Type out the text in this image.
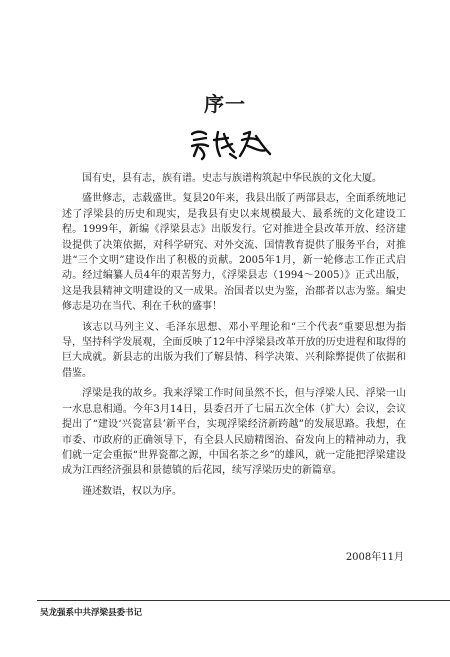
序一

国有史，县有志，族有谱。史志与族谱构筑起中华民族的文化大厦。

盛世修志，志载盛世。复县20年来，我县出版了两部县志，全面系统地记述了浮梁县的历史和现实，是我县有史以来规模最大、最系统的文化建设工程。1999年，新编《浮梁县志》出版发行。它对推进全县改革开放、经济建设提供了决策依据，对科学研究、对外交流、国情教育提供了服务平台，对推进“三个文明”建设作出了积极的贡献。2005年1月，新一轮修志工作正式启动。经过编纂人员4年的艰苦努力，《浮梁县志（1994～2005）》正式出版，这是我县精神文明建设的又一成果。治国者以史为鉴，治郡者以志为鉴。编史修志是功在当代、利在千秋的盛事！

该志以马列主义、毛泽东思想、邓小平理论和“三个代表”重要思想为指导，坚持科学发展观，全面反映了12年中浮梁县改革开放的历史进程和取得的巨大成就。新县志的出版为我们了解县情、科学决策、兴利除弊提供了依据和借鉴。

浮梁是我的故乡。我来浮梁工作时间虽然不长，但与浮梁人民、浮梁一山一水息息相通。今年3月14日，县委召开了七届五次全体（扩大）会议，会议提出了“建设‘兴瓷富县’新平台，实现浮梁经济新跨越”的发展思路。我想，在市委、市政府的正确领导下，有全县人民励精图治、奋发向上的精神动力，我们就一定会重振“世界瓷都之源，中国名茶之乡”的雄风，就一定能把浮梁建设成为江西经济强县和景德镇的后花园，续写浮梁历史的新篇章。

谨述数语，权以为序。

2008年11月
吴龙强系中共浮梁县委书记
